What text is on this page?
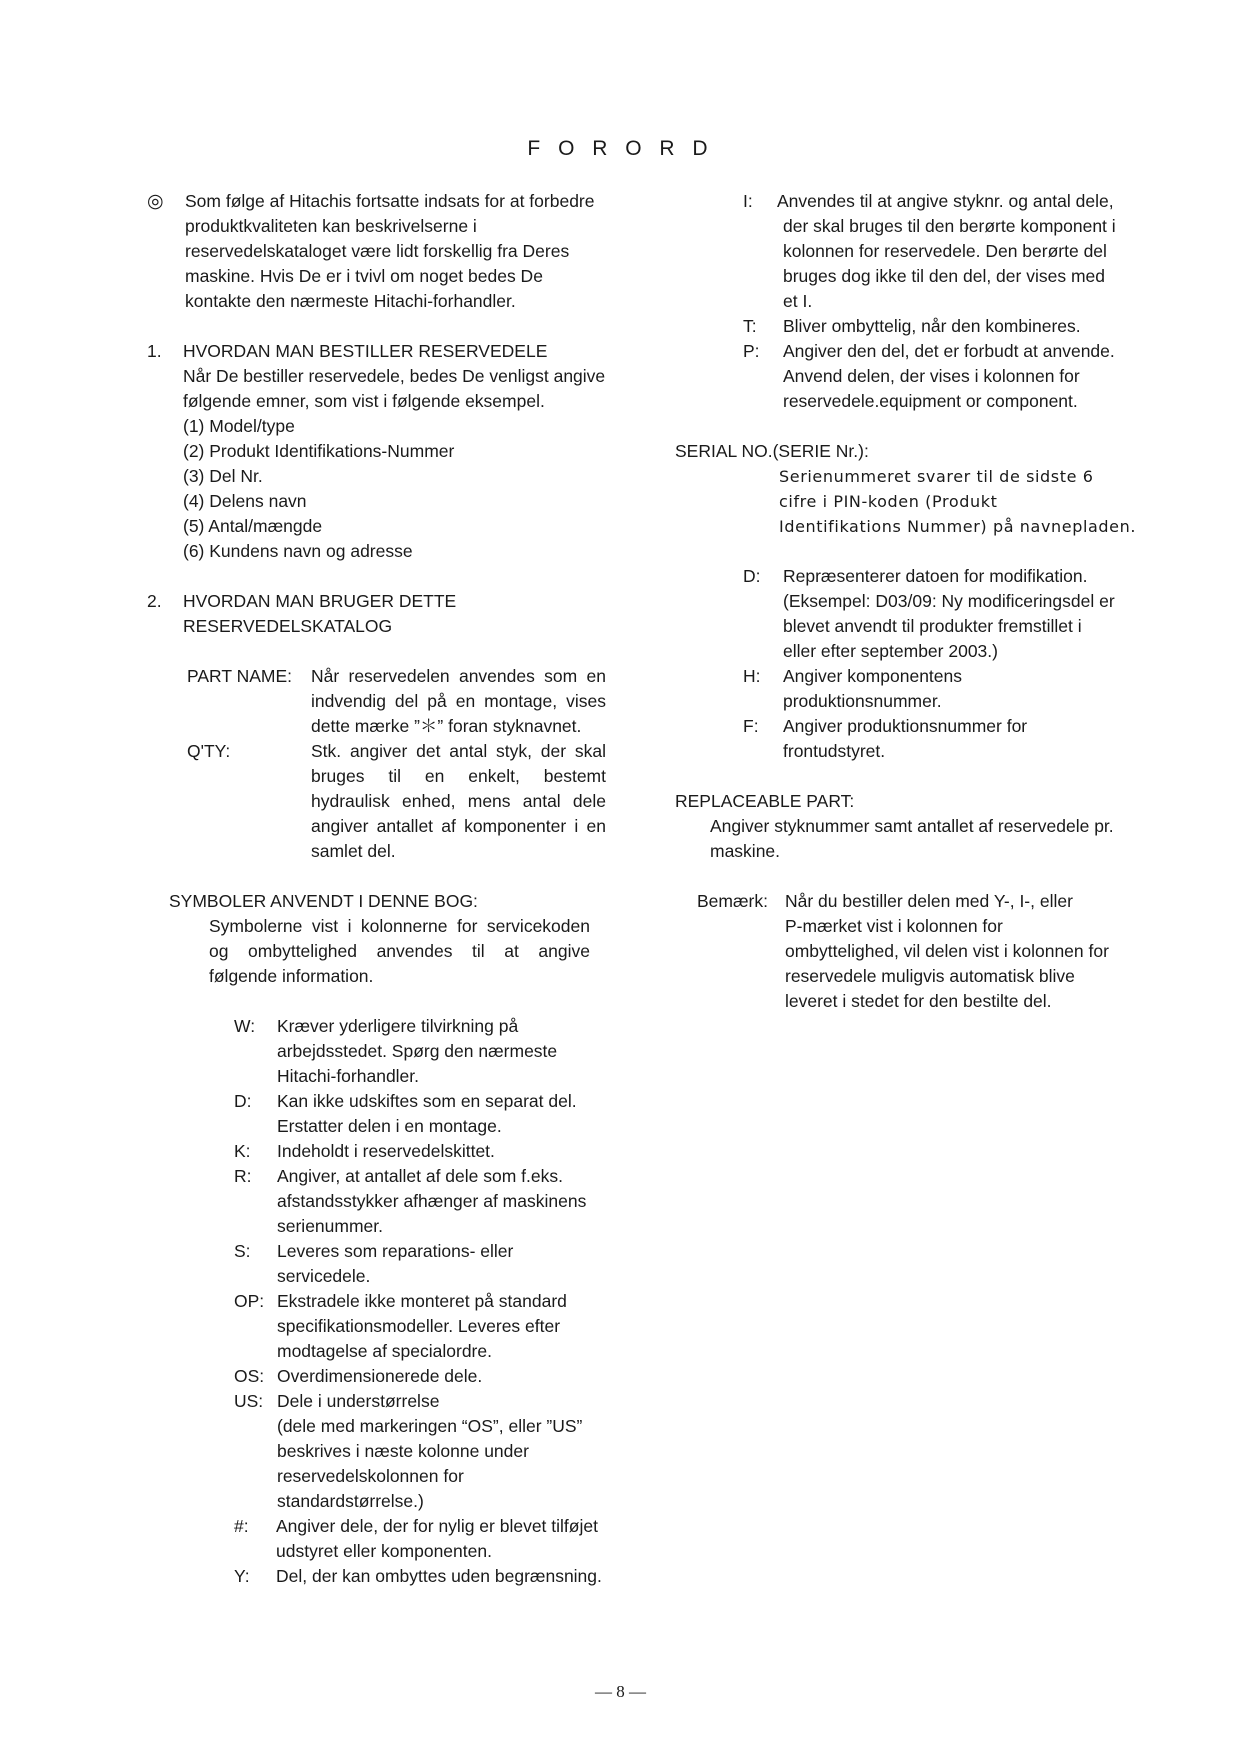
F O R O R D
◎ Som følge af Hitachis fortsatte indsats for at forbedre
produktkvaliteten kan beskrivelserne i
reservedelskataloget være lidt forskellig fra Deres
maskine. Hvis De er i tvivl om noget bedes De
kontakte den nærmeste Hitachi-forhandler.
1. HVORDAN MAN BESTILLER RESERVEDELE
Når De bestiller reservedele, bedes De venligst angive
følgende emner, som vist i følgende eksempel.
(1) Model/type
(2) Produkt Identifikations-Nummer
(3) Del Nr.
(4) Delens navn
(5) Antal/mængde
(6) Kundens navn og adresse
2. HVORDAN MAN BRUGER DETTE
RESERVEDELSKATALOG
PART NAME: Når reservedelen anvendes som en
indvendig del på en montage, vises
dette mærke ”＊” foran styknavnet.
Q'TY:	Stk. angiver det antal styk, der skal
bruges til en enkelt, bestemt
hydraulisk enhed, mens antal dele
angiver antallet af komponenter i en
samlet del.
SYMBOLER ANVENDT I DENNE BOG:
Symbolerne vist i kolonnerne for servicekoden
og ombyttelighed anvendes til at angive
følgende information.
W: Kræver yderligere tilvirkning på
arbejdsstedet. Spørg den nærmeste
Hitachi-forhandler.
D: Kan ikke udskiftes som en separat del.
Erstatter delen i en montage.
K: Indeholdt i reservedelskittet.
R: Angiver, at antallet af dele som f.eks.
afstandsstykker afhænger af maskinens
serienummer.
S: Leveres som reparations- eller
servicedele.
OP: Ekstradele ikke monteret på standard
specifikationsmodeller. Leveres efter
modtagelse af specialordre.
OS: Overdimensionerede dele.
US: Dele i understørrelse
(dele med markeringen “OS”, eller ”US”
beskrives i næste kolonne under
reservedelskolonnen for
standardstørrelse.)
#: Angiver dele, der for nylig er blevet tilføjet
udstyret eller komponenten.
Y: Del, der kan ombyttes uden begrænsning.
I: Anvendes til at angive styknr. og antal dele,
der skal bruges til den berørte komponent i
kolonnen for reservedele. Den berørte del
bruges dog ikke til den del, der vises med
et I.
T: Bliver ombyttelig, når den kombineres.
P: Angiver den del, det er forbudt at anvende.
Anvend delen, der vises i kolonnen for
reservedele.equipment or component.
SERIAL NO.(SERIE Nr.):
Serienummeret svarer til de sidste 6
cifre i PIN-koden (Produkt
Identifikations Nummer) på navnepladen.
D: Repræsenterer datoen for modifikation.
(Eksempel: D03/09: Ny modificeringsdel er
blevet anvendt til produkter fremstillet i
eller efter september 2003.)
H: Angiver komponentens
produktionsnummer.
F: Angiver produktionsnummer for
frontudstyret.
REPLACEABLE PART:
Angiver styknummer samt antallet af reservedele pr.
maskine.
Bemærk: Når du bestiller delen med Y-, I-, eller
P-mærket vist i kolonnen for
ombyttelighed, vil delen vist i kolonnen for
reservedele muligvis automatisk blive
leveret i stedet for den bestilte del.
― 8 ―
